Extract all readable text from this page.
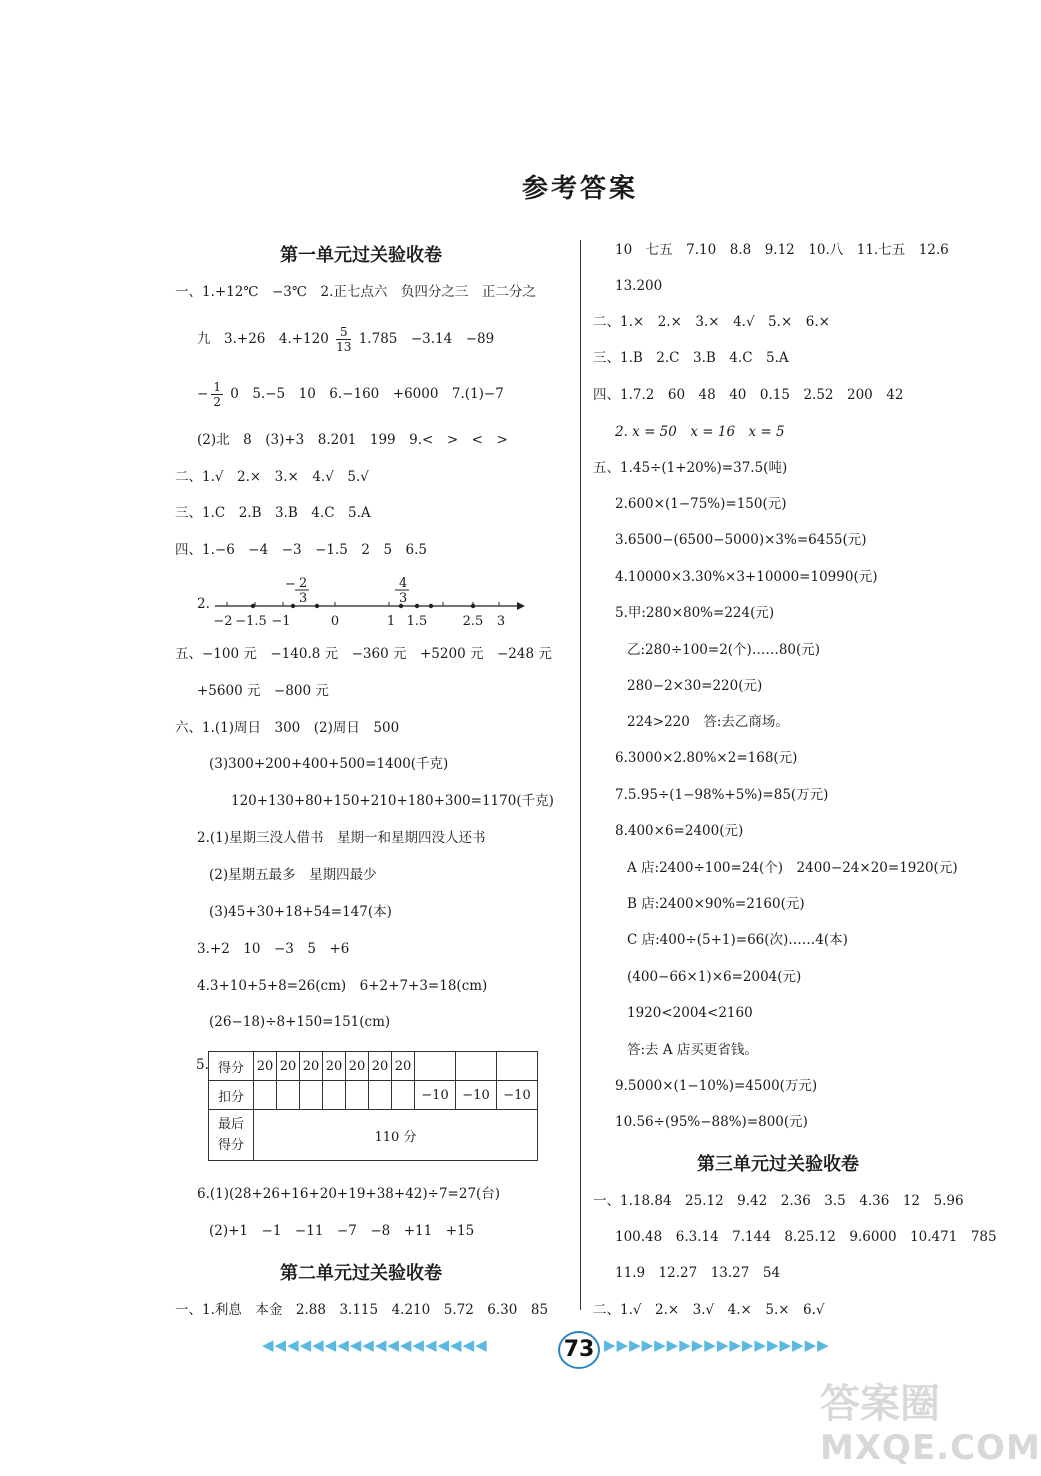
参考答案
第一单元过关验收卷
一、1.+12℃　−3℃　2.正七点六　负四分之三　正二分之
九　3.+26　$4.+120 \frac{5}{13} 1.785$　−3.14　−89
− $\frac{1}{2} 0$　5.−5　10　6.−160　+6000　7.(1)−7
(2)北　8　(3)+3　8.201　199　9.<　>　<　>
二、1.√　2.×　3.×　4.√　5.√
三、1.C　2.B　3.B　4.C　5.A
四、1.−6　−4　−3　−1.5　2　5　6.5
2.
− 2
3
4
3
−2 −1.5 −1	0	1 1.5	2.5 3
五、−100 元　−140.8 元　−360 元　+5200 元　−248 元
+5600 元　−800 元
六、1.(1)周日　300　(2)周日　500
(3)300+200+400+500=1400(千克)
120+130+80+150+210+180+300=1170(千克)
2.(1)星期三没人借书　星期一和星期四没人还书
(2)星期五最多　星期四最少
(3)45+30+18+54=147(本)
3.+2　10　−3　5　+6
4.3+10+5+8=26(cm)　6+2+7+3=18(cm)
(26−18)÷8+150=151(cm)
5. 得分	20	20	20	20	20	20	20			
扣分								−10	−10	−10
最后
得分	110 分									
6.(1)(28+26+16+20+19+38+42)÷7=27(台)
(2)+1　−1　−11　−7　−8　+11　+15
第二单元过关验收卷
一、1.利息　本金　2.88　3.115　4.210　5.72　6.30　85
10　七五　7.10　8.8　9.12　10.八　11.七五　12.6
13.200
二、1.×　2.×　3.×　4.√　5.×　6.×
三、1.B　2.C　3.B　4.C　5.A
四、1.7.2　60　48　40　0.15　2.52　200　42
2. x = 50　x = 16　x = 5
五、1.45÷(1+20%)=37.5(吨)
2.600×(1−75%)=150(元)
3.6500−(6500−5000)×3%=6455(元)
4.10000×3.30%×3+10000=10990(元)
5.甲:280×80%=224(元)
乙:280÷100=2(个)……80(元)
280−2×30=220(元)
224>220　答:去乙商场。
6.3000×2.80%×2=168(元)
7.5.95÷(1−98%+5%)=85(万元)
8.400×6=2400(元)
A 店:2400÷100=24(个)　2400−24×20=1920(元)
B 店:2400×90%=2160(元)
C 店:400÷(5+1)=66(次)……4(本)
(400−66×1)×6=2004(元)
1920<2004<2160
答:去 A 店买更省钱。
9.5000×(1−10%)=4500(万元)
10.56÷(95%−88%)=800(元)
第三单元过关验收卷
一、1.18.84　25.12　9.42　2.36　3.5　4.36　12　5.96
100.48　6.3.14　7.144　8.25.12　9.6000　10.471　785
11.9　12.27　13.27　54
二、1.√　2.×　3.√　4.×　5.×　6.√
◀◀◀◀◀◀◀◀◀◀◀◀◀◀◀◀◀◀	73 ▶▶▶▶▶▶▶▶▶▶▶▶▶▶▶▶▶▶
答案圈
MXQE.COM
